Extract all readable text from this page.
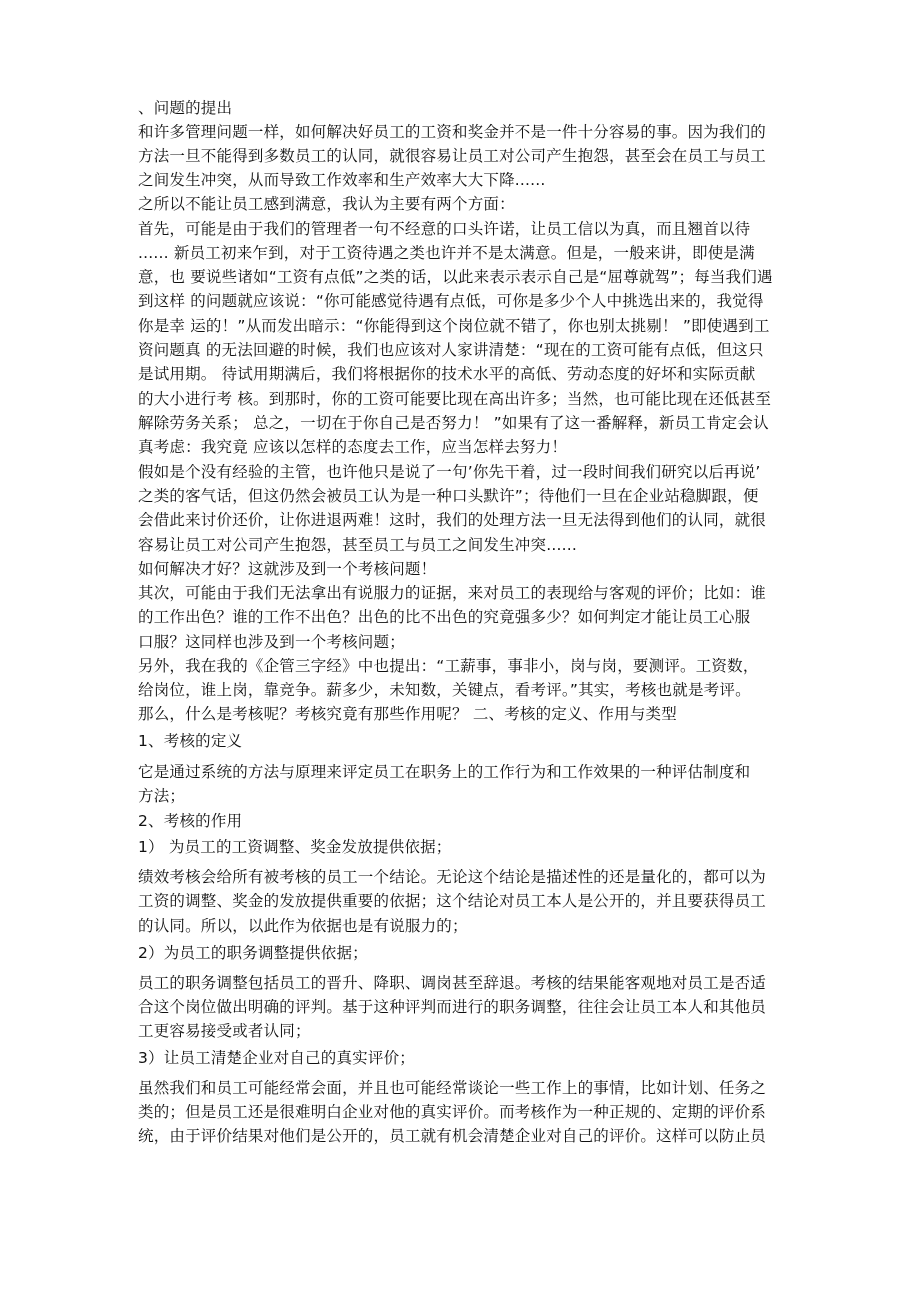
、问题的提出
和许多管理问题一样，如何解决好员工的工资和奖金并不是一件十分容易的事。因为我们的
方法一旦不能得到多数员工的认同，就很容易让员工对公司产生抱怨，甚至会在员工与员工
之间发生冲突，从而导致工作效率和生产效率大大下降......
之所以不能让员工感到满意，我认为主要有两个方面：
首先，可能是由于我们的管理者一句不经意的口头许诺，让员工信以为真，而且翘首以待
...... 新员工初来乍到，对于工资待遇之类也许并不是太满意。但是，一般来讲，即使是满
意，也 要说些诸如“工资有点低”之类的话，以此来表示表示自己是“屈尊就驾”；每当我们遇
到这样 的问题就应该说：“你可能感觉待遇有点低，可你是多少个人中挑选出来的，我觉得
你是幸 运的！”从而发出暗示：“你能得到这个岗位就不错了，你也别太挑剔！ ”即使遇到工
资问题真 的无法回避的时候，我们也应该对人家讲清楚：“现在的工资可能有点低，但这只
是试用期。 待试用期满后，我们将根据你的技术水平的高低、劳动态度的好坏和实际贡献
的大小进行考 核。到那时，你的工资可能要比现在高出许多；当然，也可能比现在还低甚至
解除劳务关系； 总之，一切在于你自己是否努力！ ”如果有了这一番解释，新员工肯定会认
真考虑：我究竟 应该以怎样的态度去工作，应当怎样去努力！
假如是个没有经验的主管，也许他只是说了一句’你先干着，过一段时间我们研究以后再说’
之类的客气话，但这仍然会被员工认为是一种口头默许”；待他们一旦在企业站稳脚跟，便
会借此来讨价还价，让你进退两难！这时，我们的处理方法一旦无法得到他们的认同，就很
容易让员工对公司产生抱怨，甚至员工与员工之间发生冲突......
如何解决才好？这就涉及到一个考核问题！
其次，可能由于我们无法拿出有说服力的证据，来对员工的表现给与客观的评价；比如：谁
的工作出色？谁的工作不出色？出色的比不出色的究竟强多少？如何判定才能让员工心服
口服？这同样也涉及到一个考核问题；
另外，我在我的《企管三字经》中也提出：“工薪事，事非小，岗与岗，要测评。工资数，
给岗位，谁上岗，靠竞争。薪多少，未知数，关键点，看考评。”其实，考核也就是考评。
那么，什么是考核呢？考核究竟有那些作用呢？ 二、考核的定义、作用与类型
1、考核的定义
它是通过系统的方法与原理来评定员工在职务上的工作行为和工作效果的一种评估制度和
方法；
2、考核的作用
1） 为员工的工资调整、奖金发放提供依据；
绩效考核会给所有被考核的员工一个结论。无论这个结论是描述性的还是量化的，都可以为
工资的调整、奖金的发放提供重要的依据；这个结论对员工本人是公开的，并且要获得员工
的认同。所以，以此作为依据也是有说服力的；
2）为员工的职务调整提供依据；
员工的职务调整包括员工的晋升、降职、调岗甚至辞退。考核的结果能客观地对员工是否适
合这个岗位做出明确的评判。基于这种评判而进行的职务调整，往往会让员工本人和其他员
工更容易接受或者认同；
3）让员工清楚企业对自己的真实评价；
虽然我们和员工可能经常会面，并且也可能经常谈论一些工作上的事情，比如计划、任务之
类的；但是员工还是很难明白企业对他的真实评价。而考核作为一种正规的、定期的评价系
统，由于评价结果对他们是公开的，员工就有机会清楚企业对自己的评价。这样可以防止员
